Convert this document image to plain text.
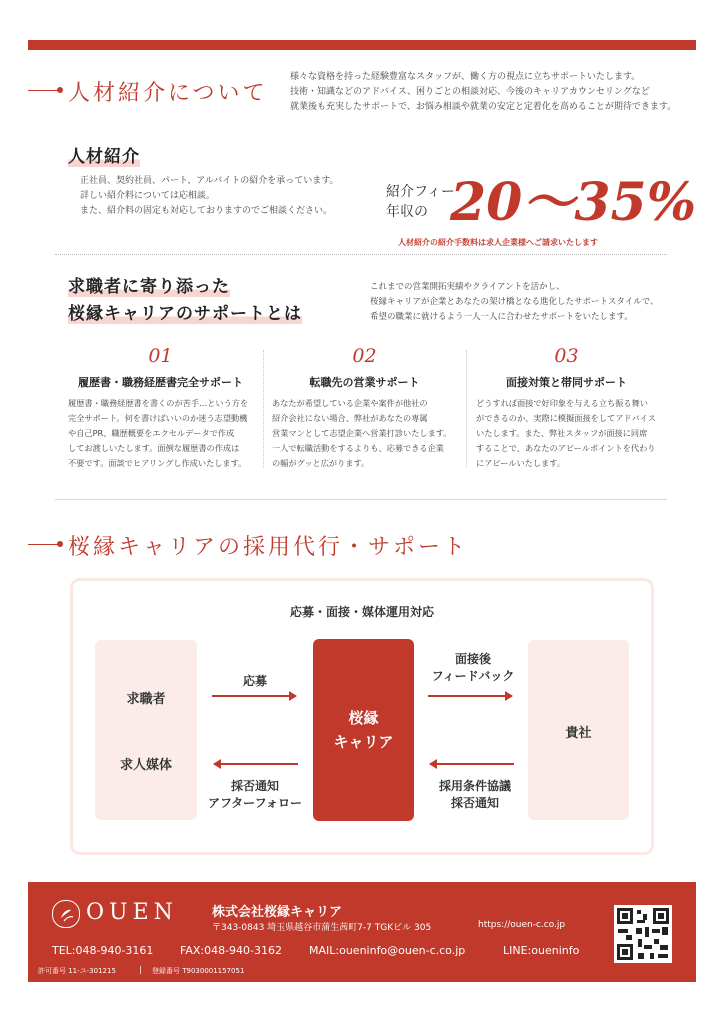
人材紹介について
様々な資格を持った経験豊富なスタッフが、働く方の視点に立ちサポートいたします。
技術・知識などのアドバイス、困りごとの相談対応、今後のキャリアカウンセリングなど
就業後も充実したサポートで、お悩み相談や就業の安定と定着化を高めることが期待できます。
人材紹介
正社員、契約社員、パート、アルバイトの紹介を承っています。
詳しい紹介料については応相談。
また、紹介料の固定も対応しておりますのでご相談ください。
紹介フィー
年収の 20～35%
人材紹介の紹介手数料は求人企業様へご請求いたします
求職者に寄り添った
桜縁キャリアのサポートとは
これまでの営業開拓実績やクライアントを活かし、
桜縁キャリアが企業とあなたの架け橋となる進化したサポートスタイルで、
希望の職業に就けるよう一人一人に合わせたサポートをいたします。
01
履歴書・職務経歴書完全サポート
履歴書・職務経歴書を書くのが苦手…という方を
完全サポート。何を書けばいいのか迷う志望動機
や自己PR、職歴概要をエクセルデータで作成
してお渡しいたします。面倒な履歴書の作成は
不要です。面談でヒアリングし作成いたします。
02
転職先の営業サポート
あなたが希望している企業や案件が他社の
紹介会社にない場合、弊社があなたの専属
営業マンとして志望企業へ営業打診いたします。
一人で転職活動をするよりも、応募できる企業
の幅がグッと広がります。
03
面接対策と帯同サポート
どうすれば面接で好印象を与える立ち振る舞い
ができるのか、実際に模擬面接をしてアドバイス
いたします。また、弊社スタッフが面接に同席
することで、あなたのアピールポイントを代わり
にアピールいたします。
桜縁キャリアの採用代行・サポート
応募・面接・媒体運用対応
求職者
求人媒体
桜縁
キャリア	貴社
応募
採否通知
アフターフォロー
面接後
フィードバック
採用条件協議
採否通知
OUEN	株式会社桜縁キャリア
〒343-0843 埼玉県越谷市蒲生茜町7-7 TGKビル 305	https://ouen-c.co.jp
TEL:048-940-3161 FAX:048-940-3162 MAIL:oueninfo@ouen-c.co.jp	LINE:oueninfo
許可番号 11-ユ-301215	| 登録番号 T9030001157051
